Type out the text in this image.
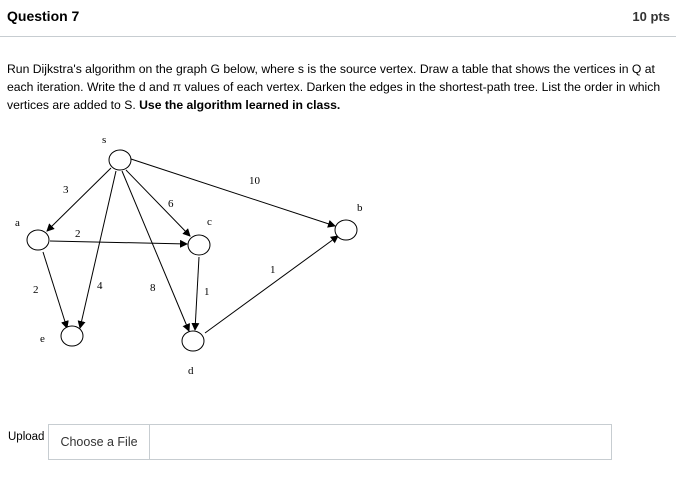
Question 7	10 pts

Run Dijkstra's algorithm on the graph G below, where s is the source vertex. Draw a table that shows the vertices in Q at each iteration. Write the d and π values of each vertex. Darken the edges in the shortest-path tree. List the order in which vertices are added to S. Use the algorithm learned in class.

s
a	c
b
e
d
3
10
6
2
2	4	8	1
1
Upload	Choose a File
